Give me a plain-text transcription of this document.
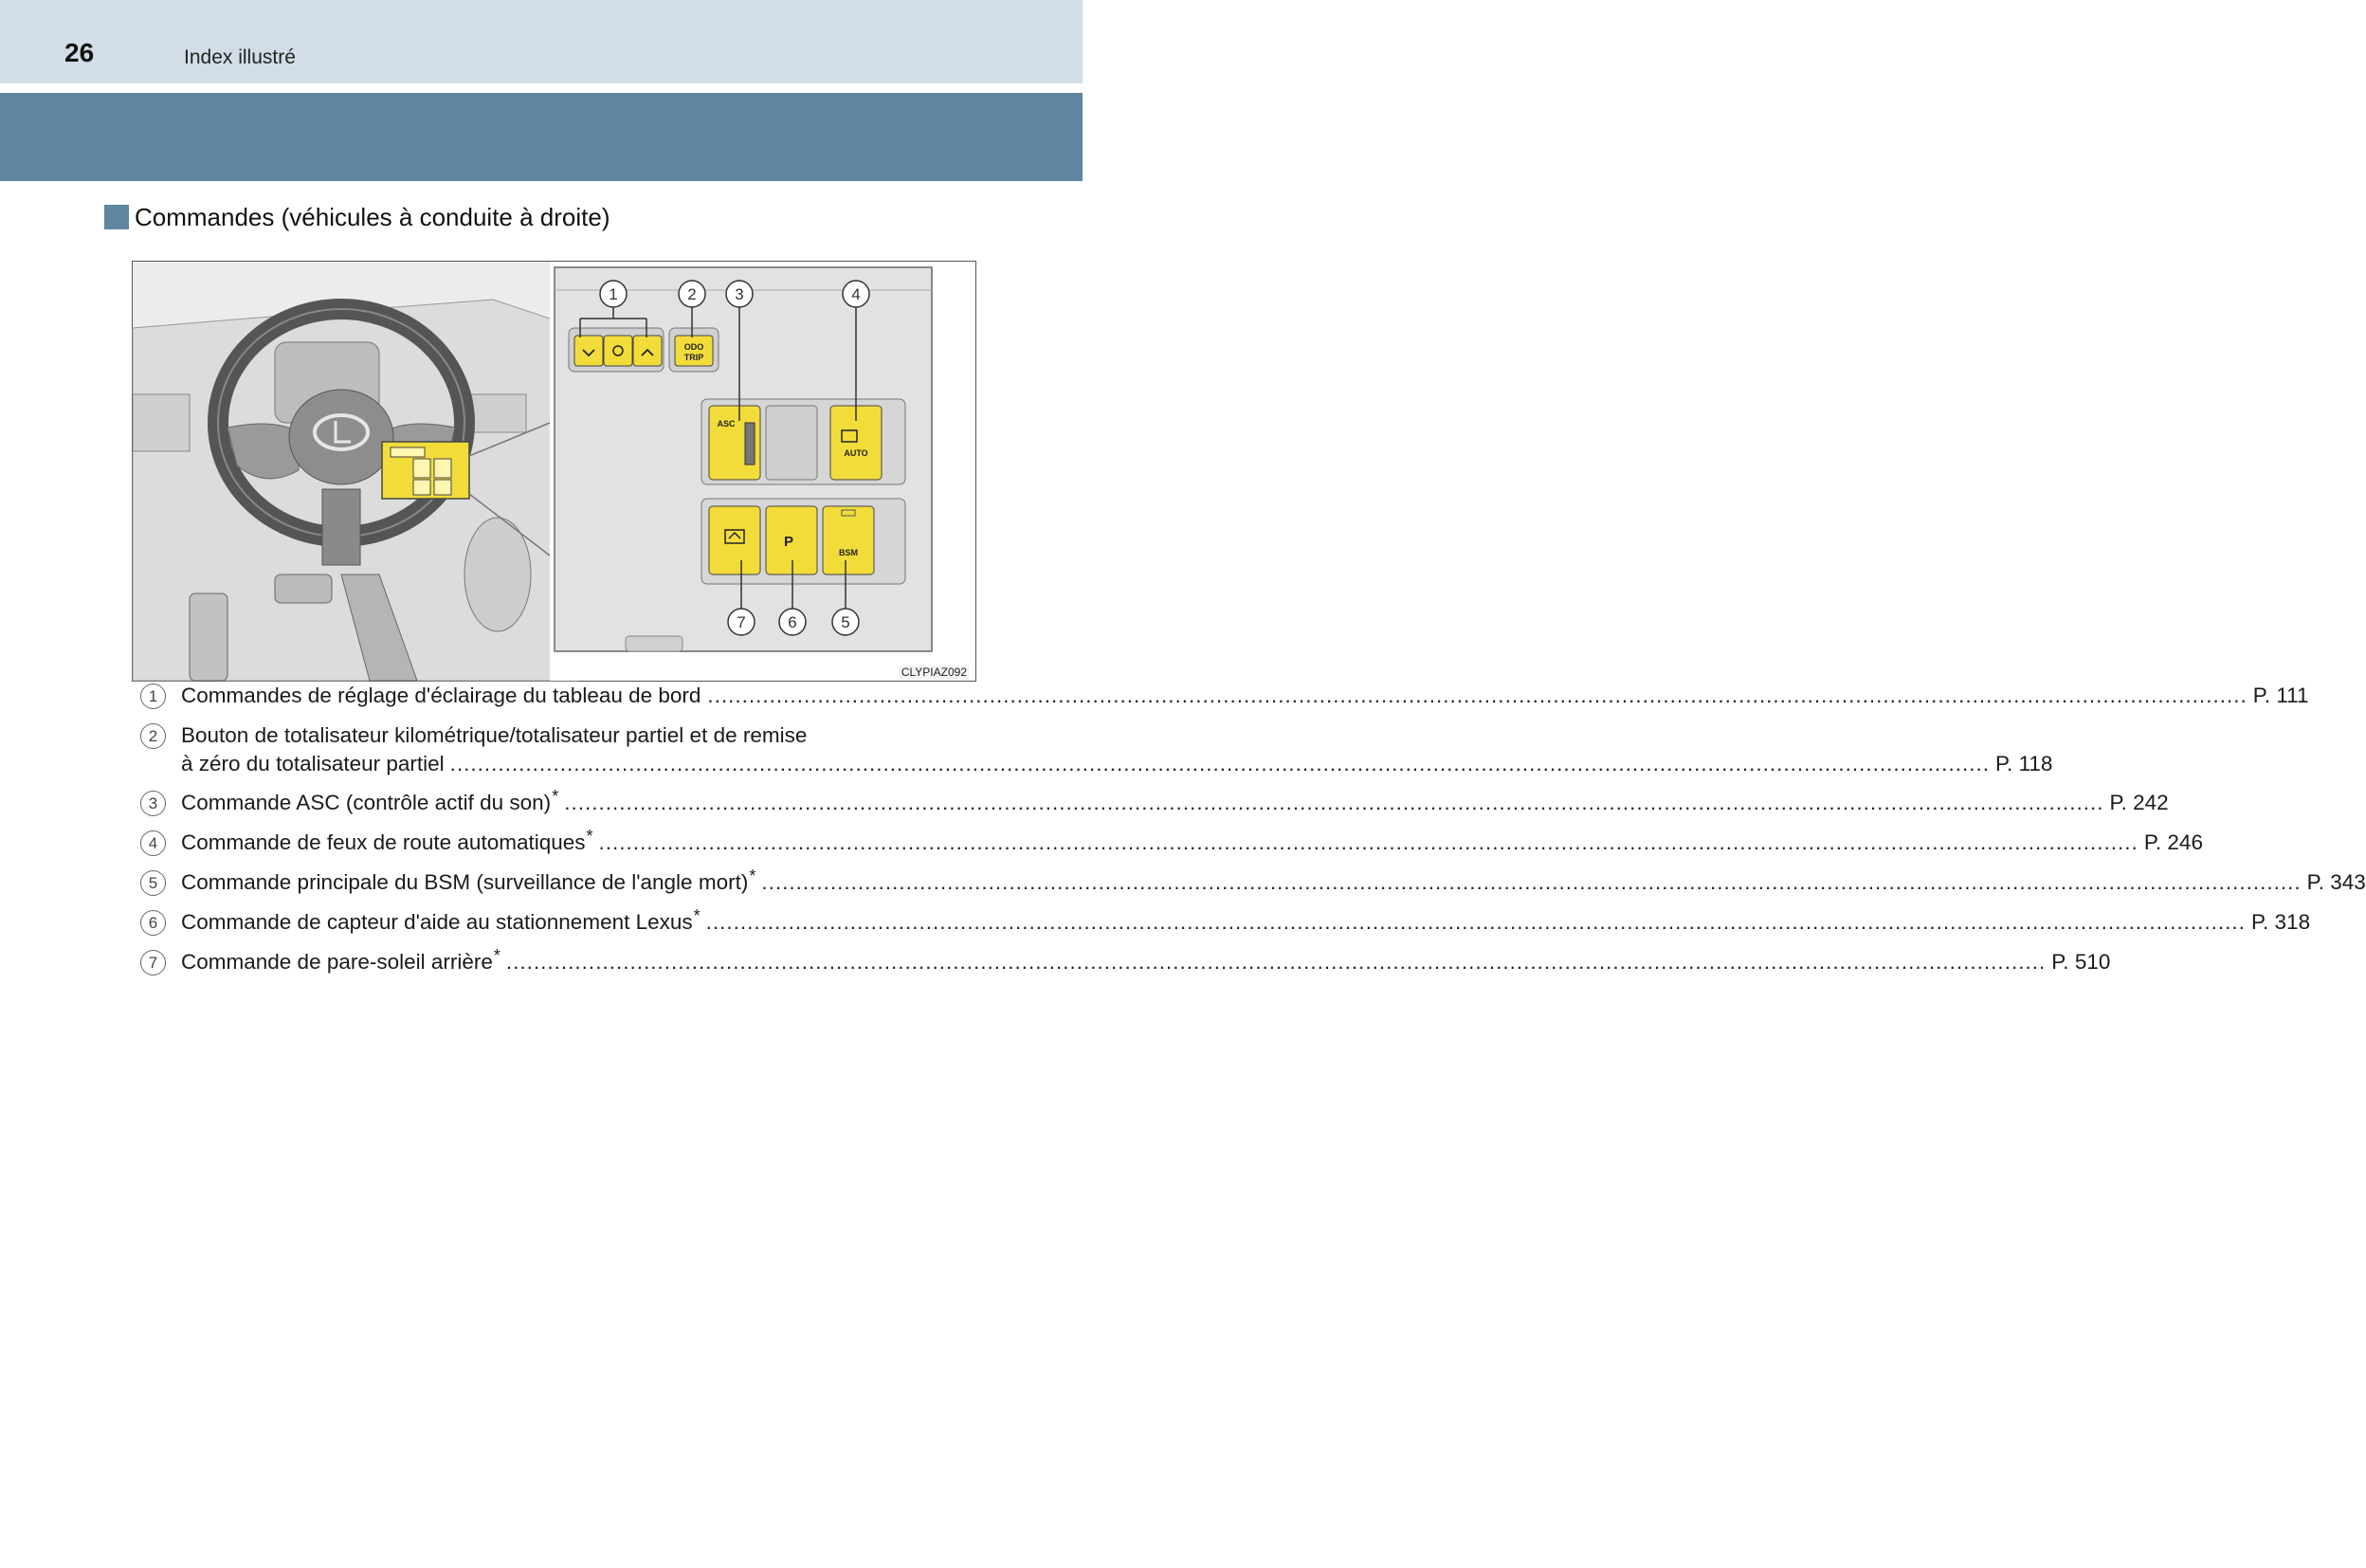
26	Index illustré
Commandes (véhicules à conduite à droite)
1	2 3	4
5
6
7
ODO
TRIP
ASC
AUTO
P
BSM
CLYPIAZ092
1	Commandes de réglage d'éclairage du tableau de bord .....	P. 111
2	Bouton de totalisateur kilométrique/totalisateur partiel et de remise
à zéro du totalisateur partiel .....	P. 118
3	Commande ASC (contrôle actif du son)* .....	P. 242
4	Commande de feux de route automatiques* .....	P. 246
5	Commande principale du BSM (surveillance de l'angle mort)* .....	P. 343
6	Commande de capteur d'aide au stationnement Lexus* .....	P. 318
7	Commande de pare-soleil arrière* .....	P. 510
